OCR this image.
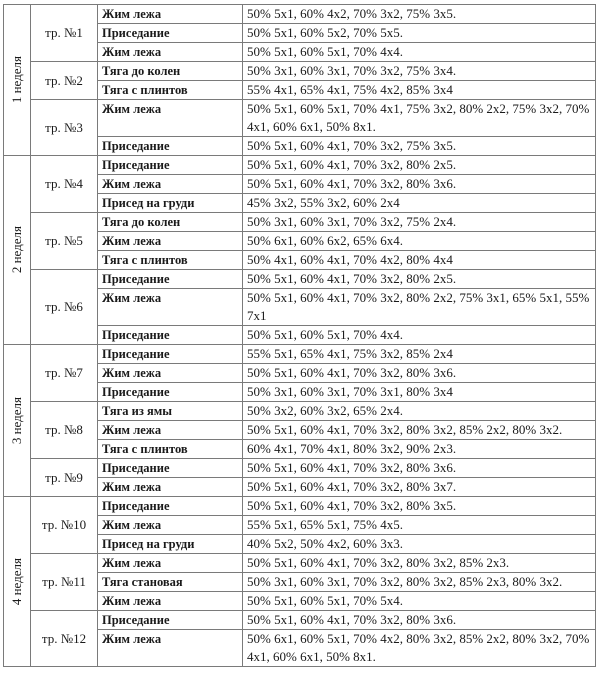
1 неделя	тр. №1	Жим лежа	50% 5х1, 60% 4х2, 70% 3х2, 75% 3х5.
		Приседание	50% 5х1, 60% 5х2, 70% 5х5.
		Жим лежа	50% 5х1, 60% 5х1, 70% 4х4.
	тр. №2	Тяга до колен	50% 3х1, 60% 3х1, 70% 3х2, 75% 3х4.
		Тяга с плинтов	55% 4х1, 65% 4х1, 75% 4х2, 85% 3х4
	тр. №3	Жим лежа	50% 5х1, 60% 5х1, 70% 4х1, 75% 3х2, 80% 2х2, 75% 3х2, 70% 4х1, 60% 6х1, 50% 8х1.
		Приседание	50% 5х1, 60% 4х1, 70% 3х2, 75% 3х5.

2 неделя	тр. №4	Приседание	50% 5х1, 60% 4х1, 70% 3х2, 80% 2х5.
		Жим лежа	50% 5х1, 60% 4х1, 70% 3х2, 80% 3х6.
		Присед на груди	45% 3х2, 55% 3х2, 60% 2х4
	тр. №5	Тяга до колен	50% 3х1, 60% 3х1, 70% 3х2, 75% 2х4.
		Жим лежа	50% 6х1, 60% 6х2, 65% 6х4.
		Тяга с плинтов	50% 4х1, 60% 4х1, 70% 4х2, 80% 4х4
	тр. №6	Приседание	50% 5х1, 60% 4х1, 70% 3х2, 80% 2х5.
		Жим лежа	50% 5х1, 60% 4х1, 70% 3х2, 80% 2х2, 75% 3х1, 65% 5х1, 55% 7х1
		Приседание	50% 5х1, 60% 5х1, 70% 4х4.

3 неделя	тр. №7	Приседание	55% 5х1, 65% 4х1, 75% 3х2, 85% 2х4
		Жим лежа	50% 5х1, 60% 4х1, 70% 3х2, 80% 3х6.
		Приседание	50% 3х1, 60% 3х1, 70% 3х1, 80% 3х4
	тр. №8	Тяга из ямы	50% 3х2, 60% 3х2, 65% 2х4.
		Жим лежа	50% 5х1, 60% 4х1, 70% 3х2, 80% 3х2, 85% 2х2, 80% 3х2.
		Тяга с плинтов	60% 4х1, 70% 4х1, 80% 3х2, 90% 2х3.
	тр. №9	Приседание	50% 5х1, 60% 4х1, 70% 3х2, 80% 3х6.
		Жим лежа	50% 5х1, 60% 4х1, 70% 3х2, 80% 3х7.

4 неделя	тр. №10	Приседание	50% 5х1, 60% 4х1, 70% 3х2, 80% 3х5.
		Жим лежа	55% 5х1, 65% 5х1, 75% 4х5.
		Присед на груди	40% 5х2, 50% 4х2, 60% 3х3.
	тр. №11	Жим лежа	50% 5х1, 60% 4х1, 70% 3х2, 80% 3х2, 85% 2х3.
		Тяга становая	50% 3х1, 60% 3х1, 70% 3х2, 80% 3х2, 85% 2х3, 80% 3х2.
		Жим лежа	50% 5х1, 60% 5х1, 70% 5х4.
	тр. №12	Приседание	50% 5х1, 60% 4х1, 70% 3х2, 80% 3х6.
		Жим лежа	50% 6х1, 60% 5х1, 70% 4х2, 80% 3х2, 85% 2х2, 80% 3х2, 70% 4х1, 60% 6х1, 50% 8х1.
